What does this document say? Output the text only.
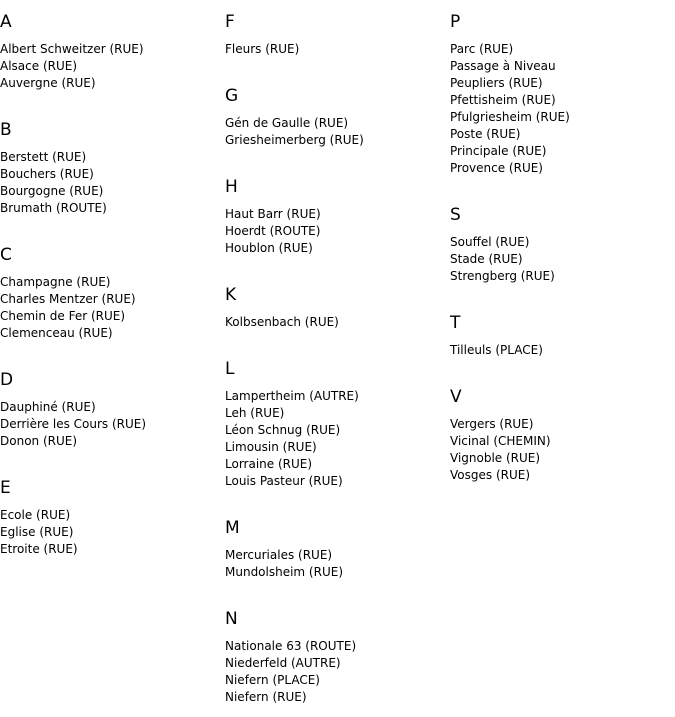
A
Albert Schweitzer (RUE)
Alsace (RUE)
Auvergne (RUE)
B
Berstett (RUE)
Bouchers (RUE)
Bourgogne (RUE)
Brumath (ROUTE)
C
Champagne (RUE)
Charles Mentzer (RUE)
Chemin de Fer (RUE)
Clemenceau (RUE)
D
Dauphiné (RUE)
Derrière les Cours (RUE)
Donon (RUE)
E
Ecole (RUE)
Eglise (RUE)
Etroite (RUE)
F
Fleurs (RUE)
G
Gén de Gaulle (RUE)
Griesheimerberg (RUE)
H
Haut Barr (RUE)
Hoerdt (ROUTE)
Houblon (RUE)
K
Kolbsenbach (RUE)
L
Lampertheim (AUTRE)
Leh (RUE)
Léon Schnug (RUE)
Limousin (RUE)
Lorraine (RUE)
Louis Pasteur (RUE)
M
Mercuriales (RUE)
Mundolsheim (RUE)
N
Nationale 63 (ROUTE)
Niederfeld (AUTRE)
Niefern (PLACE)
Niefern (RUE)
P
Parc (RUE)
Passage à Niveau
Peupliers (RUE)
Pfettisheim (RUE)
Pfulgriesheim (RUE)
Poste (RUE)
Principale (RUE)
Provence (RUE)
S
Souffel (RUE)
Stade (RUE)
Strengberg (RUE)
T
Tilleuls (PLACE)
V
Vergers (RUE)
Vicinal (CHEMIN)
Vignoble (RUE)
Vosges (RUE)
